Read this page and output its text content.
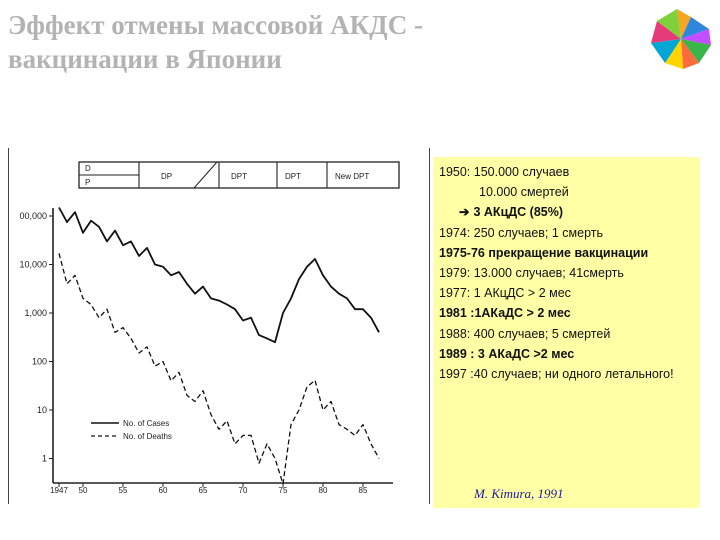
Эффект отмены массовой АКДС -
вакцинации в Японии
D
P
DP	DPT	DPT	New DPT
00,000
10,000
1,000
100
10
1
1947 50	55	60	65	70	75	80	85
No. of Cases
No. of Deaths
1950: 150.000 случаев
10.000 смертей
➔ 3 АКцДС (85%)
1974: 250 случаев; 1 смерть
1975-76 прекращение вакцинации
1979: 13.000 случаев; 41смерть
1977: 1 АКцДС > 2 мес
1981 :1АКаДС > 2 мес
1988: 400 случаев; 5 смертей
1989 : 3 АКаДС >2 мес
1997 :40 случаев; ни одного летального!
M. Kimura, 1991
